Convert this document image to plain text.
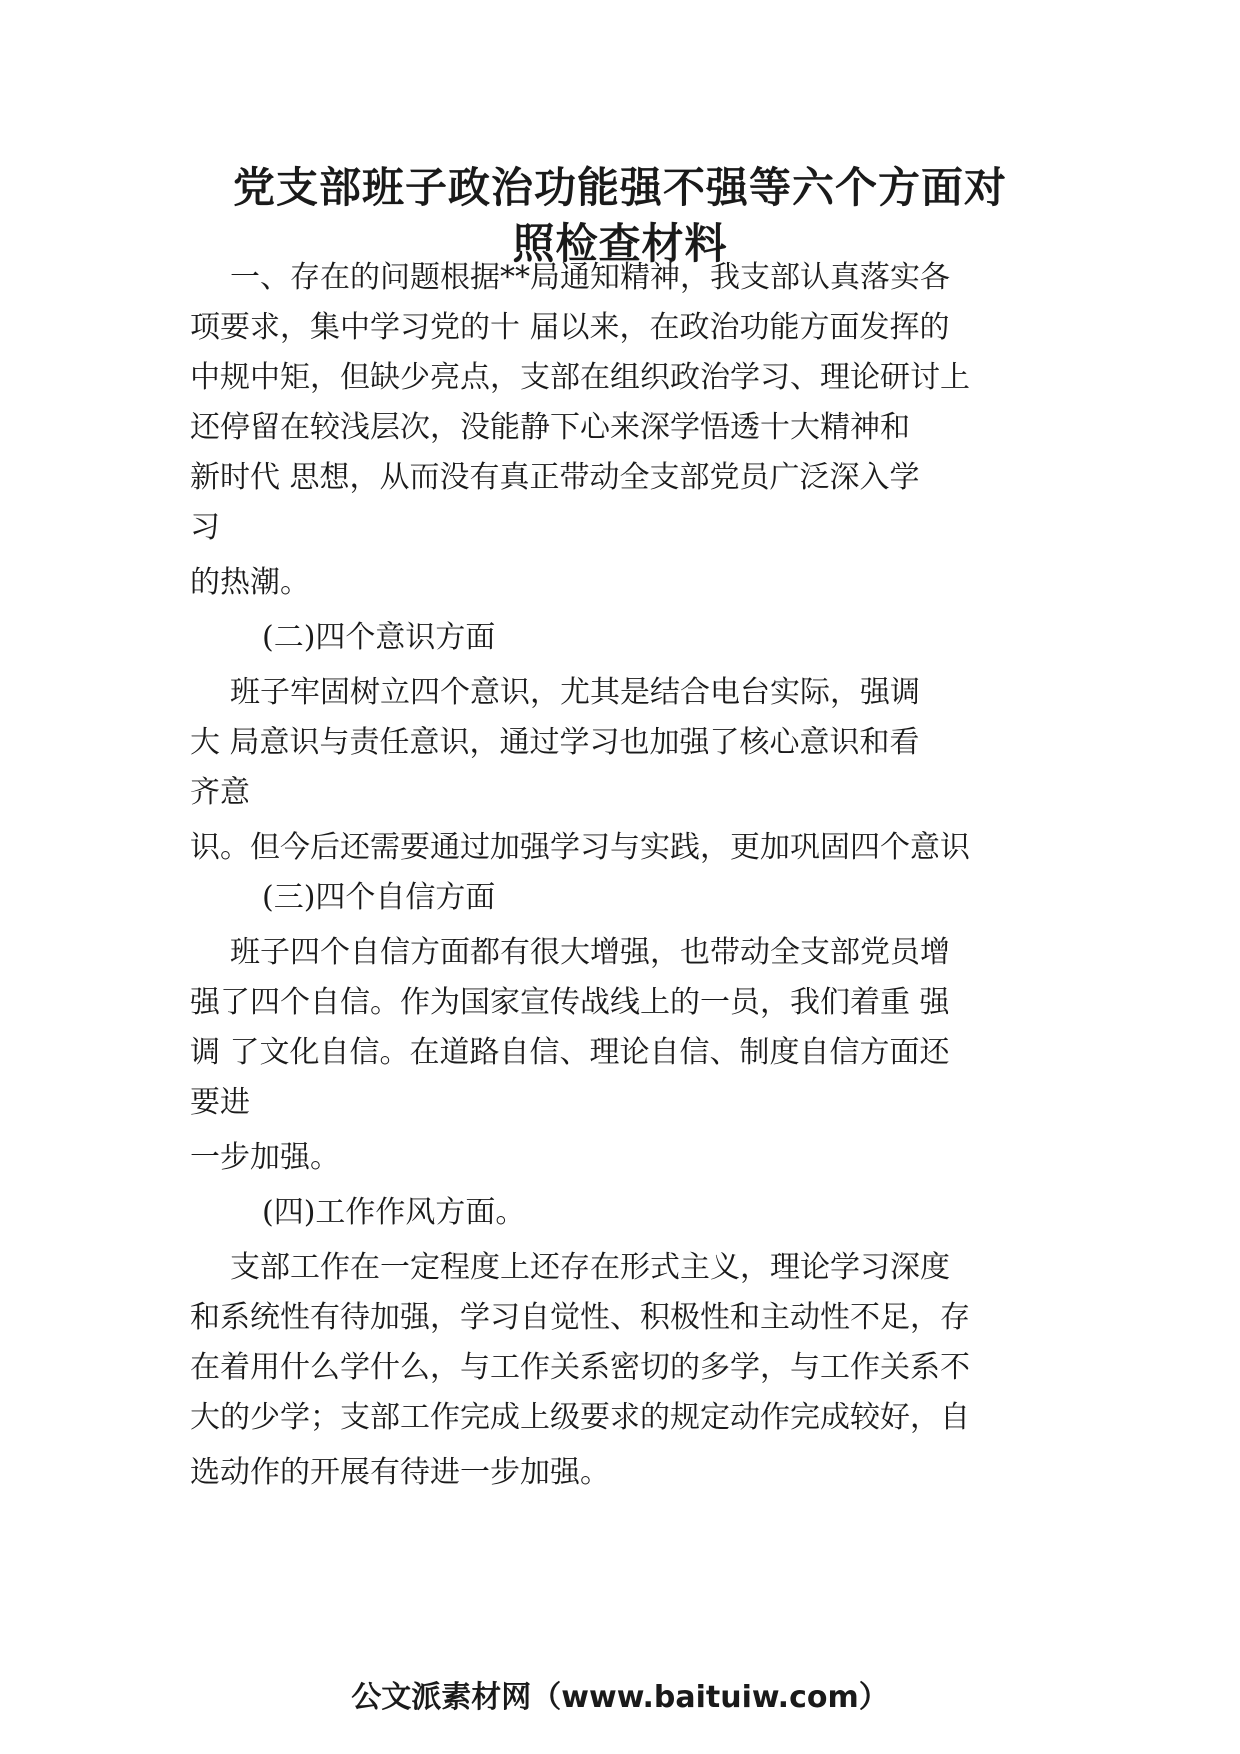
党支部班子政治功能强不强等六个方面对
照检查材料

一、存在的问题根据**局通知精神，我支部认真落实各

项要求，集中学习党的十 届以来，在政治功能方面发挥的

中规中矩，但缺少亮点，支部在组织政治学习、理论研讨上

还停留在较浅层次，没能静下心来深学悟透十大精神和

新时代 思想，从而没有真正带动全支部党员广泛深入学

习

的热潮。

(二)四个意识方面

班子牢固树立四个意识，尤其是结合电台实际，强调

大 局意识与责任意识，通过学习也加强了核心意识和看

齐意

识。但今后还需要通过加强学习与实践，更加巩固四个意识

(三)四个自信方面

班子四个自信方面都有很大增强，也带动全支部党员增

强了四个自信。作为国家宣传战线上的一员，我们着重 强

调 了文化自信。在道路自信、理论自信、制度自信方面还

要进

一步加强。

(四)工作作风方面。

支部工作在一定程度上还存在形式主义，理论学习深度

和系统性有待加强，学习自觉性、积极性和主动性不足，存

在着用什么学什么，与工作关系密切的多学，与工作关系不

大的少学；支部工作完成上级要求的规定动作完成较好，自

选动作的开展有待进一步加强。

公文派素材网（www.baituiw.com）
